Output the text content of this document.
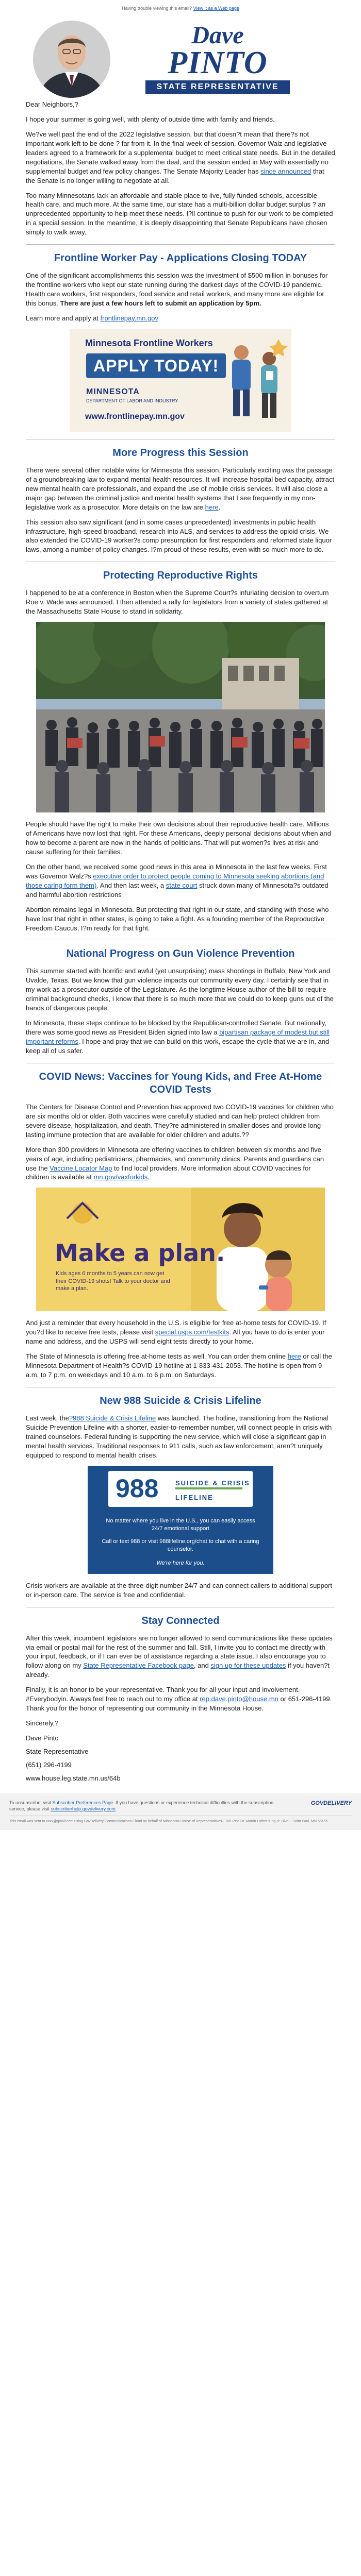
Having trouble viewing this email? View it as a Web page
Dave
PINTO
STATE REPRESENTATIVE

Dear Neighbors,?

I hope your summer is going well, with plenty of outside time with family and friends.

We?ve well past the end of the 2022 legislative session, but that doesn?t mean that there?s not important work left to be done ? far from it. In the final week of session, Governor Walz and legislative leaders agreed to a framework for a supplemental budget to meet critical state needs. But in the detailed negotiations, the Senate walked away from the deal, and the session ended in May with essentially no supplemental budget and few policy changes. The Senate Majority Leader has since announced that the Senate is no longer willing to negotiate at all.

Too many Minnesotans lack an affordable and stable place to live, fully funded schools, accessible health care, and much more. At the same time, our state has a multi-billion dollar budget surplus ? an unprecedented opportunity to help meet these needs. I?ll continue to push for our work to be completed in a special session. In the meantime, it is deeply disappointing that Senate Republicans have chosen simply to walk away.

Frontline Worker Pay - Applications Closing TODAY

One of the significant accomplishments this session was the investment of $500 million in bonuses for the frontline workers who kept our state running during the darkest days of the COVID-19 pandemic. Health care workers, first responders, food service and retail workers, and many more are eligible for this bonus. There are just a few hours left to submit an application by 5pm.

Learn more and apply at frontlinepay.mn.gov

Minnesota Frontline Workers
APPLY TODAY!
MINNESOTA
DEPARTMENT OF LABOR AND INDUSTRY
www.frontlinepay.mn.gov
More Progress this Session

There were several other notable wins for Minnesota this session. Particularly exciting was the passage of a groundbreaking law to expand mental health resources. It will increase hospital bed capacity, attract new mental health care professionals, and expand the use of mobile crisis services. It will also close a major gap between the criminal justice and mental health systems that I see frequently in my non-legislative work as a prosecutor. More details on the law are here.

This session also saw significant (and in some cases unprecedented) investments in public health infrastructure, high-speed broadband, research into ALS, and services to address the opioid crisis. We also extended the COVID-19 worker?s comp presumption for first responders and reformed state liquor laws, among a number of policy changes. I?m proud of these results, even with so much more to do.

Protecting Reproductive Rights

I happened to be at a conference in Boston when the Supreme Court?s infuriating decision to overturn Roe v. Wade was announced. I then attended a rally for legislators from a variety of states gathered at the Massachusetts State House to stand in solidarity.

People should have the right to make their own decisions about their reproductive health care. Millions of Americans have now lost that right. For these Americans, deeply personal decisions about when and how to become a parent are now in the hands of politicians. That will put women?s lives at risk and cause suffering for their families.

On the other hand, we received some good news in this area in Minnesota in the last few weeks. First was Governor Walz?s executive order to protect people coming to Minnesota seeking abortions (and those caring form them). And then last week, a state court struck down many of Minnesota?s outdated and harmful abortion restrictions

Abortion remains legal in Minnesota. But protecting that right in our state, and standing with those who have lost that right in other states, is going to take a fight. As a founding member of the Reproductive Freedom Caucus, I?m ready for that fight.

National Progress on Gun Violence Prevention

This summer started with horrific and awful (yet unsurprising) mass shootings in Buffalo, New York and Uvalde, Texas. But we know that gun violence impacts our community every day. I certainly see that in my work as a prosecutor outside of the Legislature. As the longtime House author of the bill to require criminal background checks, I know that there is so much more that we could do to keep guns out of the hands of dangerous people.

In Minnesota, these steps continue to be blocked by the Republican-controlled Senate. But nationally, there was some good news as President Biden signed into law a bipartisan package of modest but still important reforms. I hope and pray that we can build on this work, escape the cycle that we are in, and keep all of us safer.

COVID News: Vaccines for Young Kids, and Free At-Home COVID Tests

The Centers for Disease Control and Prevention has approved two COVID-19 vaccines for children who are six months old or older. Both vaccines were carefully studied and can help protect children from severe disease, hospitalization, and death. They?re administered in smaller doses and provide long-lasting immune protection that are available for older children and adults.??

More than 300 providers in Minnesota are offering vaccines to children between six months and five years of age, including pediatricians, pharmacies, and community clinics. Parents and guardians can use the Vaccine Locator Map to find local providers. More information about COVID vaccines for children is available at mn.gov/vaxforkids.

Make a plan.
Kids ages 6 months to 5 years can now get their COVID-19 shots! Talk to your doctor and make a plan.

And just a reminder that every household in the U.S. is eligible for free at-home tests for COVID-19. If you?d like to receive free tests, please visit special.usps.com/testkits. All you have to do is enter your name and address, and the USPS will send eight tests directly to your home.

The State of Minnesota is offering free at-home tests as well. You can order them online here or call the Minnesota Department of Health?s COVID-19 hotline at 1-833-431-2053. The hotline is open from 9 a.m. to 7 p.m. on weekdays and 10 a.m. to 6 p.m. on Saturdays.

New 988 Suicide & Crisis Lifeline

Last week, the?988 Suicide & Crisis Lifeline was launched. The hotline, transitioning from the National Suicide Prevention Lifeline with a shorter, easier-to-remember number, will connect people in crisis with trained counselors. Federal funding is supporting the new service, which will close a significant gap in mental health services. Traditional responses to 911 calls, such as law enforcement, aren?t uniquely equipped to respond to mental health crises.

988	SUICIDE & CRISIS
LIFELINE
No matter where you live in the U.S., you can easily access 24/7 emotional support
Call or text 988 or visit 988lifeline.org/chat to chat with a caring counselor.
We're here for you.

Crisis workers are available at the three-digit number 24/7 and can connect callers to additional support or in-person care. The service is free and confidential.

Stay Connected

After this week, incumbent legislators are no longer allowed to send communications like these updates via email or postal mail for the rest of the summer and fall. Still, I invite you to contact me directly with your input, feedback, or if I can ever be of assistance regarding a state issue. I also encourage you to follow along on my State Representative Facebook page, and sign up for these updates if you haven?t already.

Finally, it is an honor to be your representative. Thank you for all your input and involvement. #Everybodyin. Always feel free to reach out to my office at rep.dave.pinto@house.mn or 651-296-4199. Thank you for the honor of representing our community in the Minnesota House.

Sincerely,?

Dave Pinto

State Representative

(651) 296-4199

www.house.leg.state.mn.us/64b

To unsubscribe, visit Subscriber Preferences Page. If you have questions or experience technical difficulties with the subscription service, please visit subscriberhelp.govdelivery.com.

GOVDELIVERY
This email was sent to xxxx@gmail.com using GovDelivery Communications Cloud on behalf of Minnesota House of Representatives · 100 Rev. Dr. Martin Luther King Jr. Blvd. · Saint Paul, MN 55155
